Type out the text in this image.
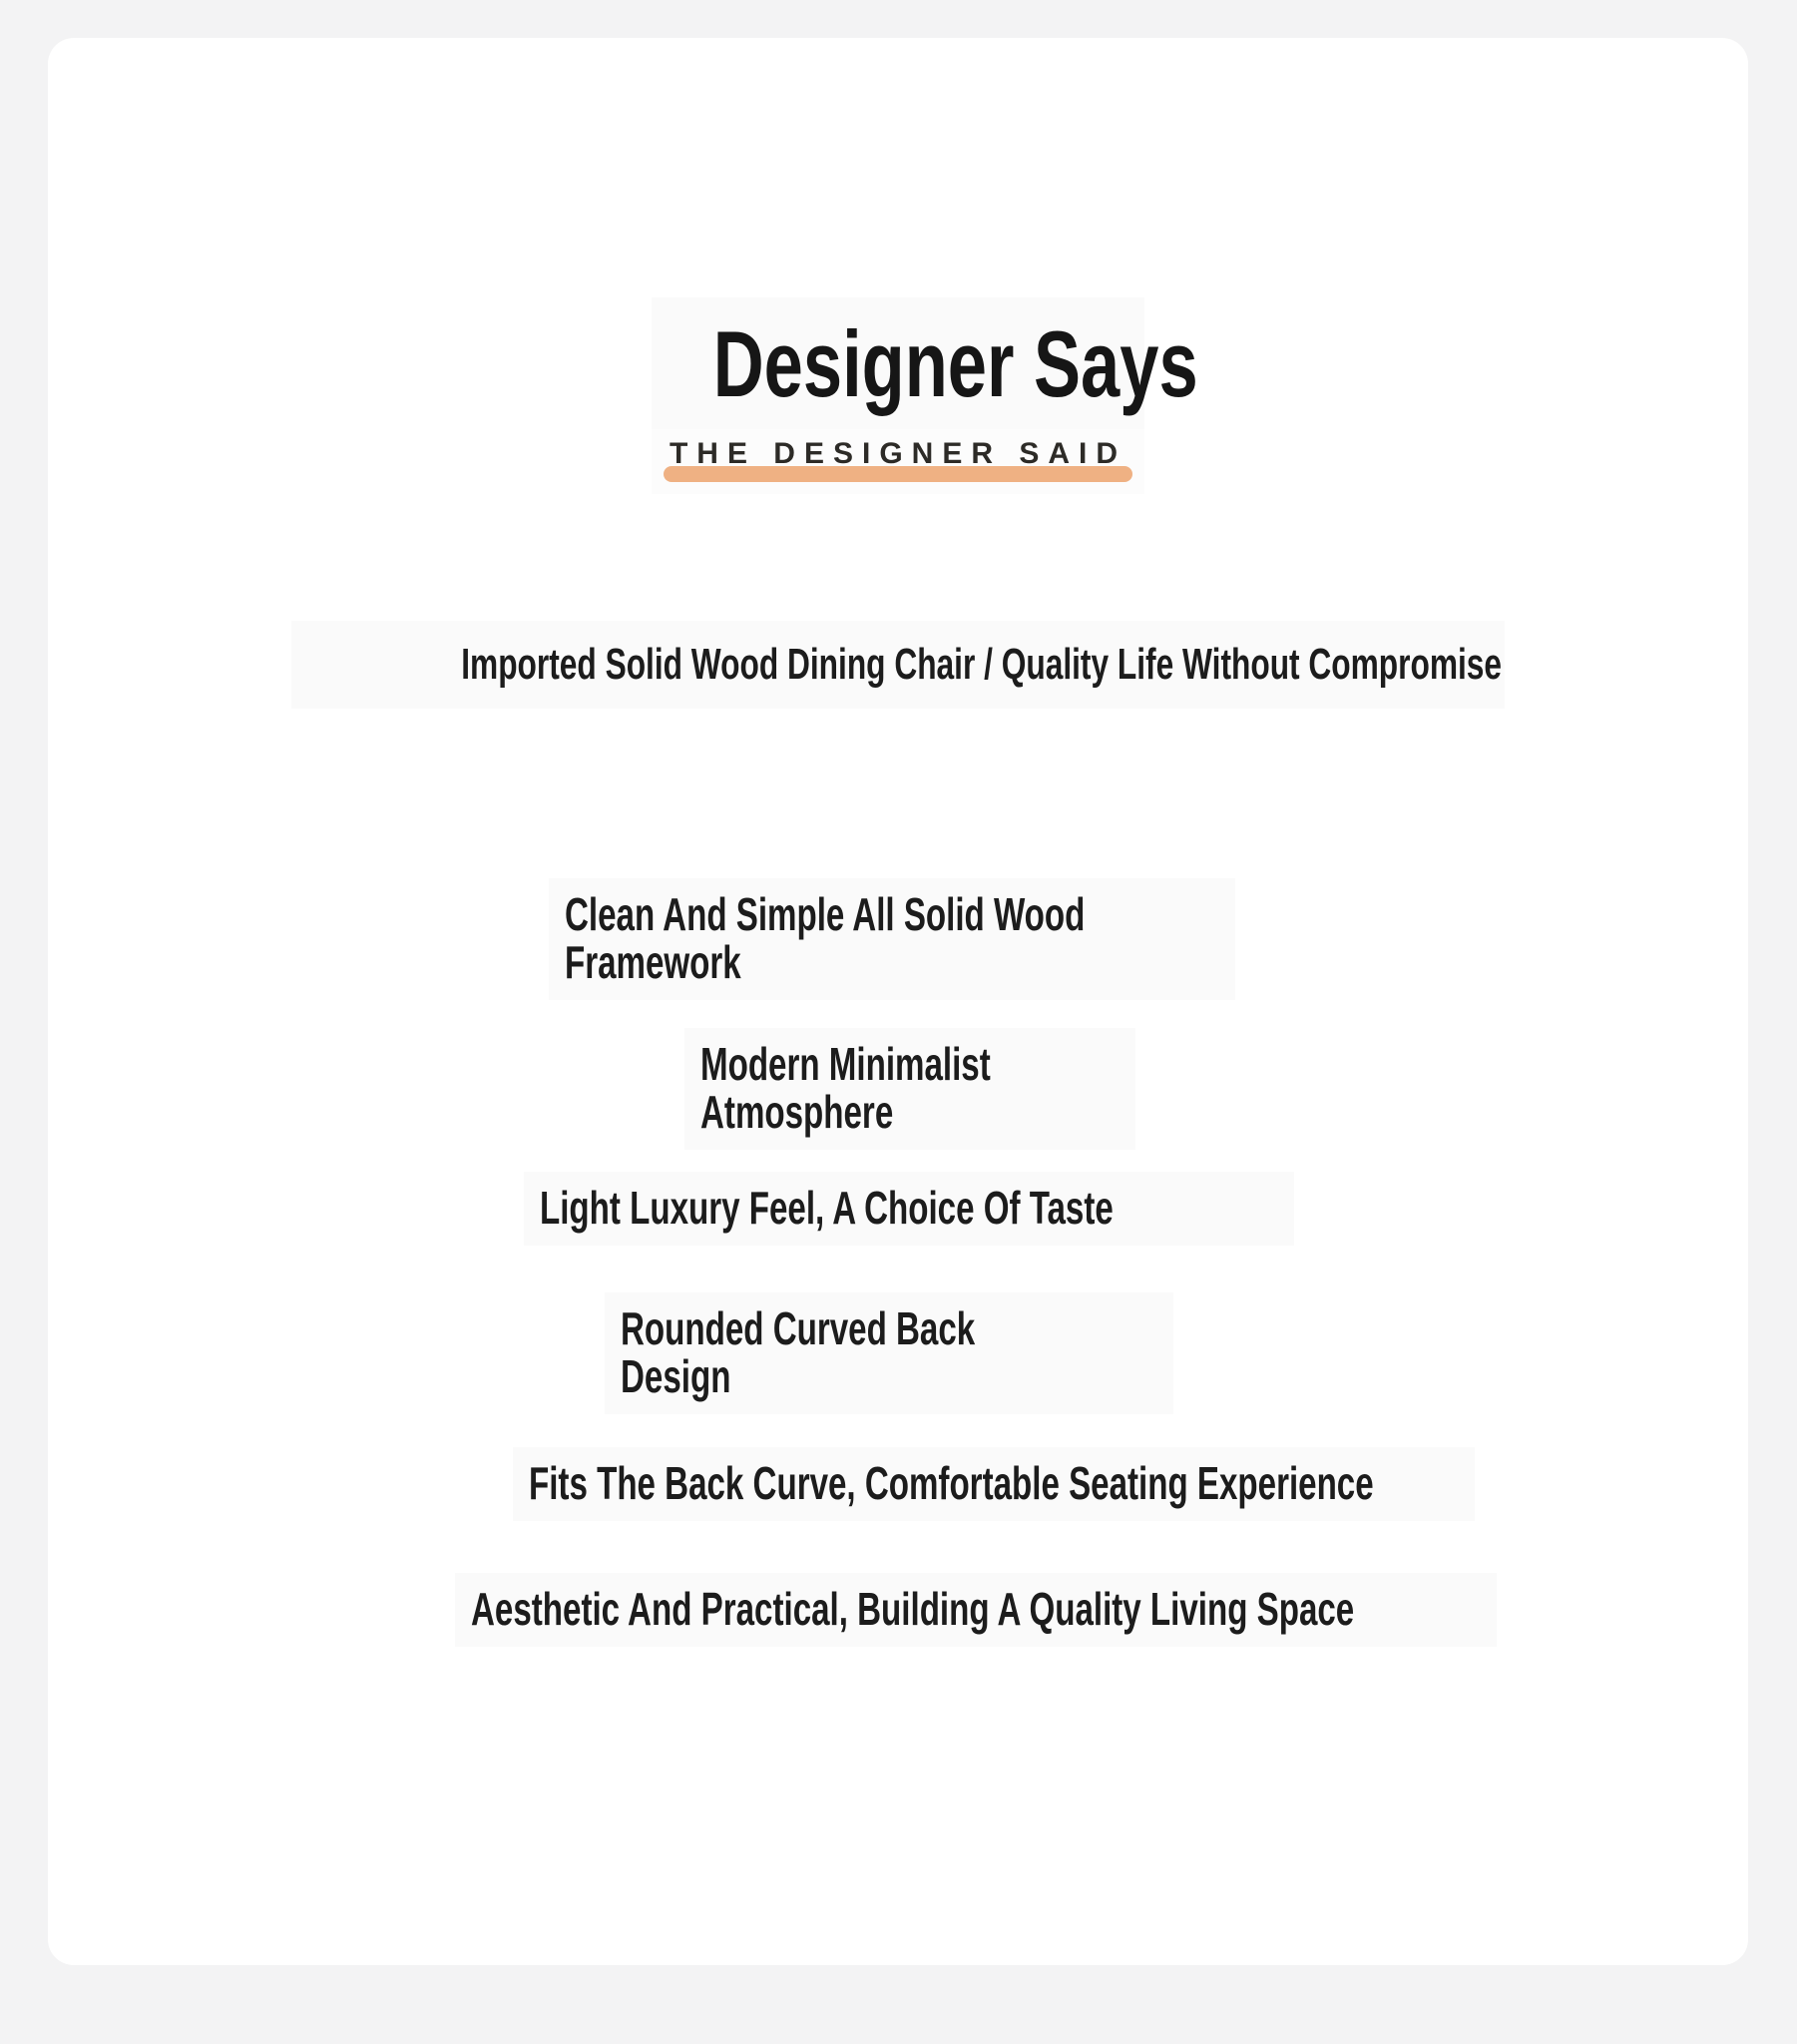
Designer Says
THE DESIGNER SAID
Imported Solid Wood Dining Chair / Quality Life Without Compromise
Clean And Simple All Solid Wood
Framework
Modern Minimalist
Atmosphere
Light Luxury Feel, A Choice Of Taste
Rounded Curved Back
Design
Fits The Back Curve, Comfortable Seating Experience
Aesthetic And Practical, Building A Quality Living Space
